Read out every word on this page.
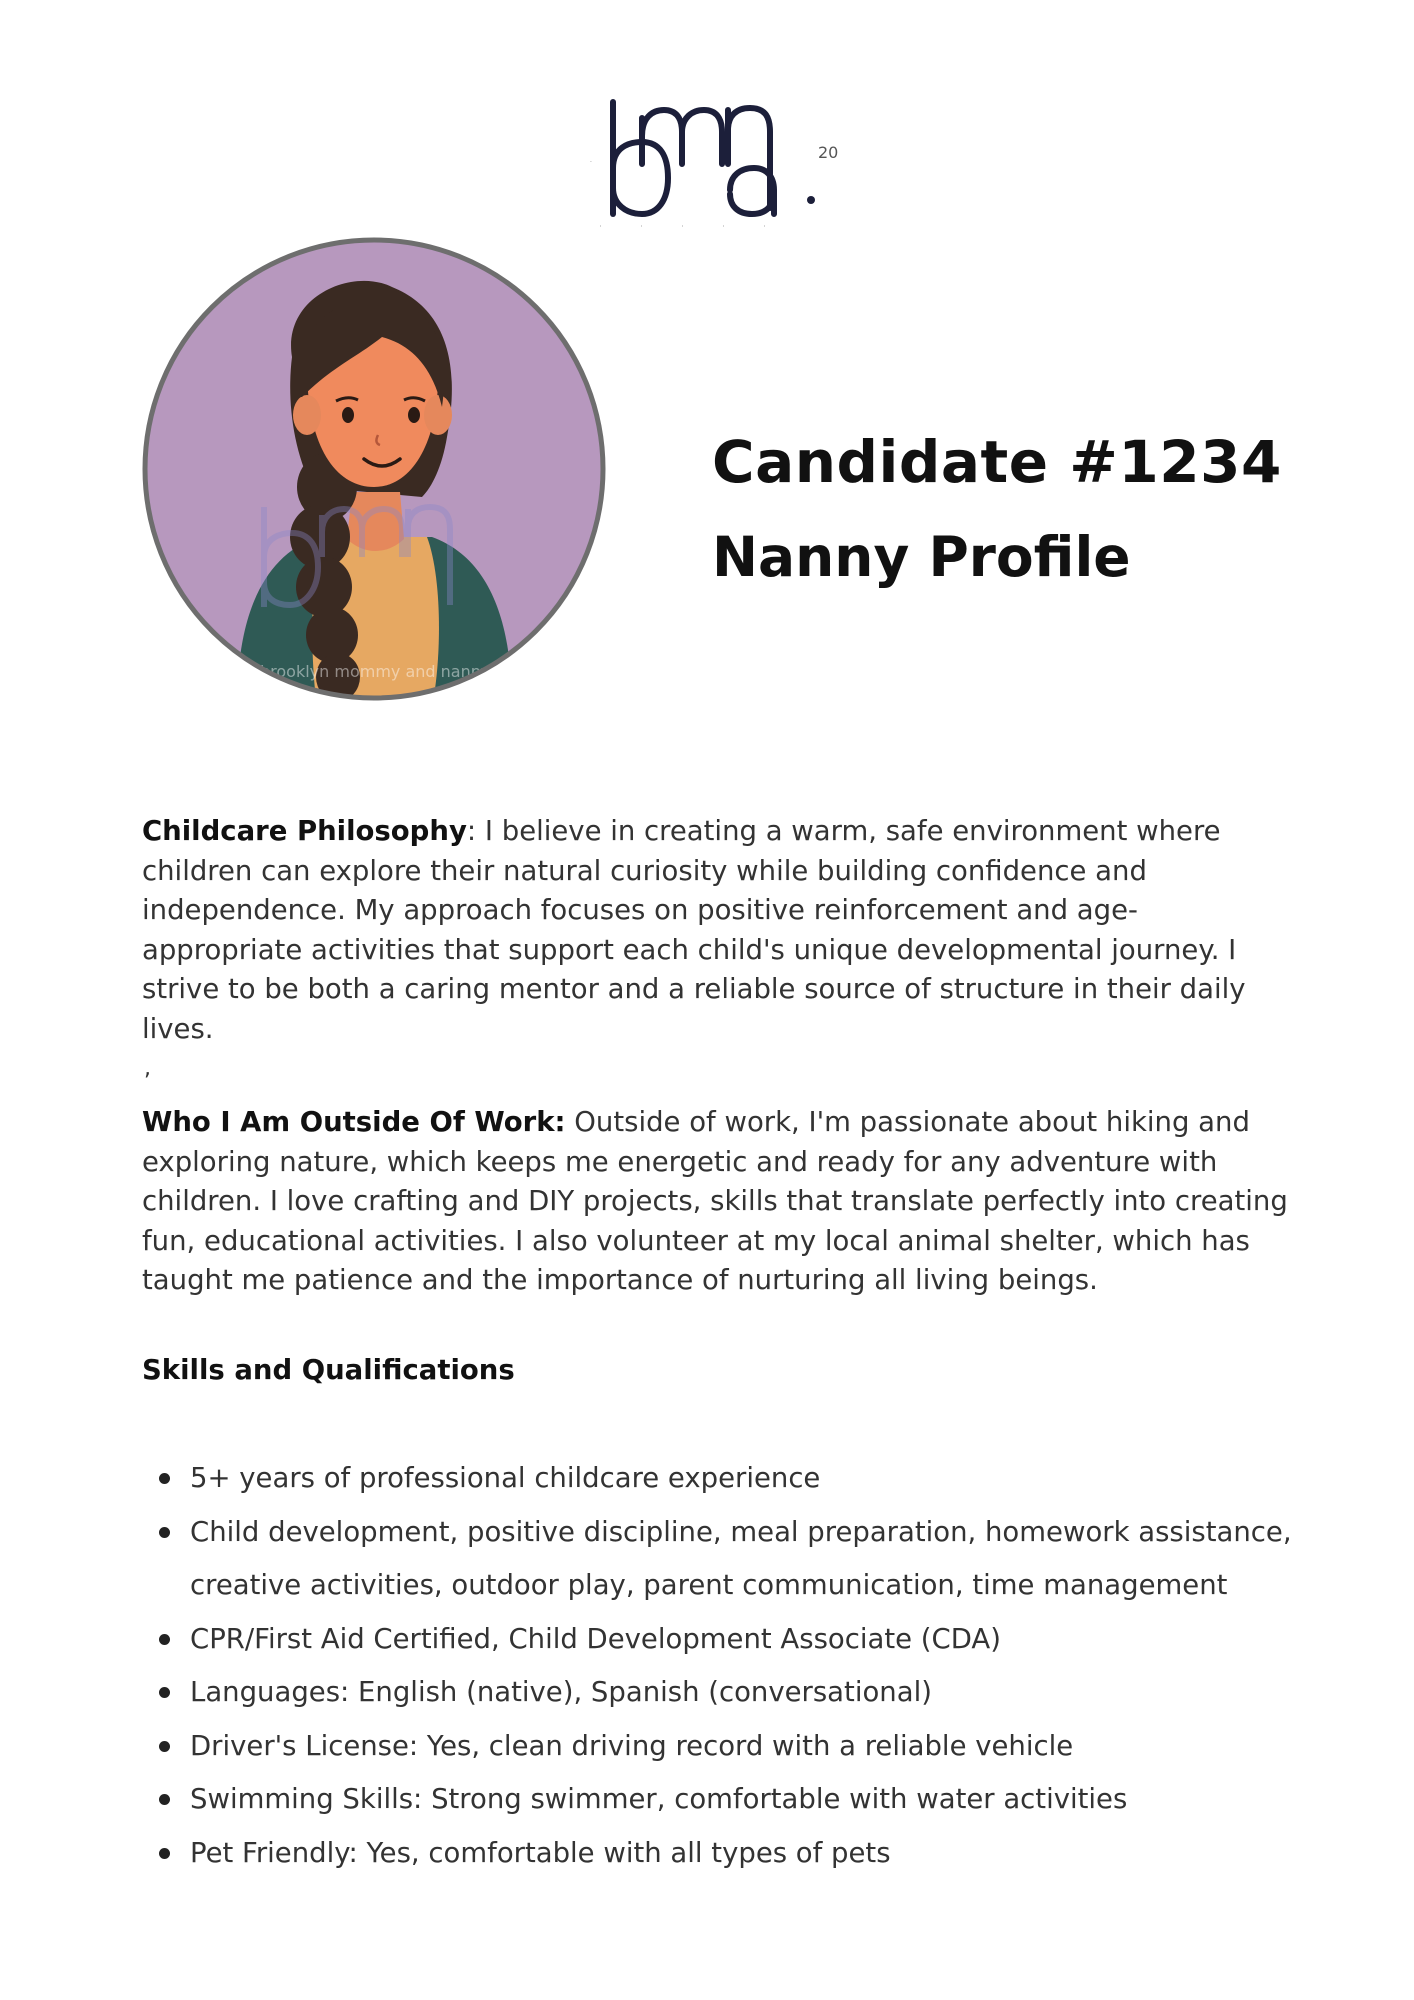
20
.
brooklyn mommy and nanny
Candidate #1234
Nanny Profile

Childcare Philosophy: I believe in creating a warm, safe environment where children can explore their natural curiosity while building confidence and independence. My approach focuses on positive reinforcement and age-appropriate activities that support each child's unique developmental journey. I strive to be both a caring mentor and a reliable source of structure in their daily lives.

,

Who I Am Outside Of Work: Outside of work, I'm passionate about hiking and exploring nature, which keeps me energetic and ready for any adventure with children. I love crafting and DIY projects, skills that translate perfectly into creating fun, educational activities. I also volunteer at my local animal shelter, which has taught me patience and the importance of nurturing all living beings.

Skills and Qualifications

5+ years of professional childcare experience
Child development, positive discipline, meal preparation, homework assistance, creative activities, outdoor play, parent communication, time management
CPR/First Aid Certified, Child Development Associate (CDA)
Languages: English (native), Spanish (conversational)
Driver's License: Yes, clean driving record with a reliable vehicle
Swimming Skills: Strong swimmer, comfortable with water activities
Pet Friendly: Yes, comfortable with all types of pets
